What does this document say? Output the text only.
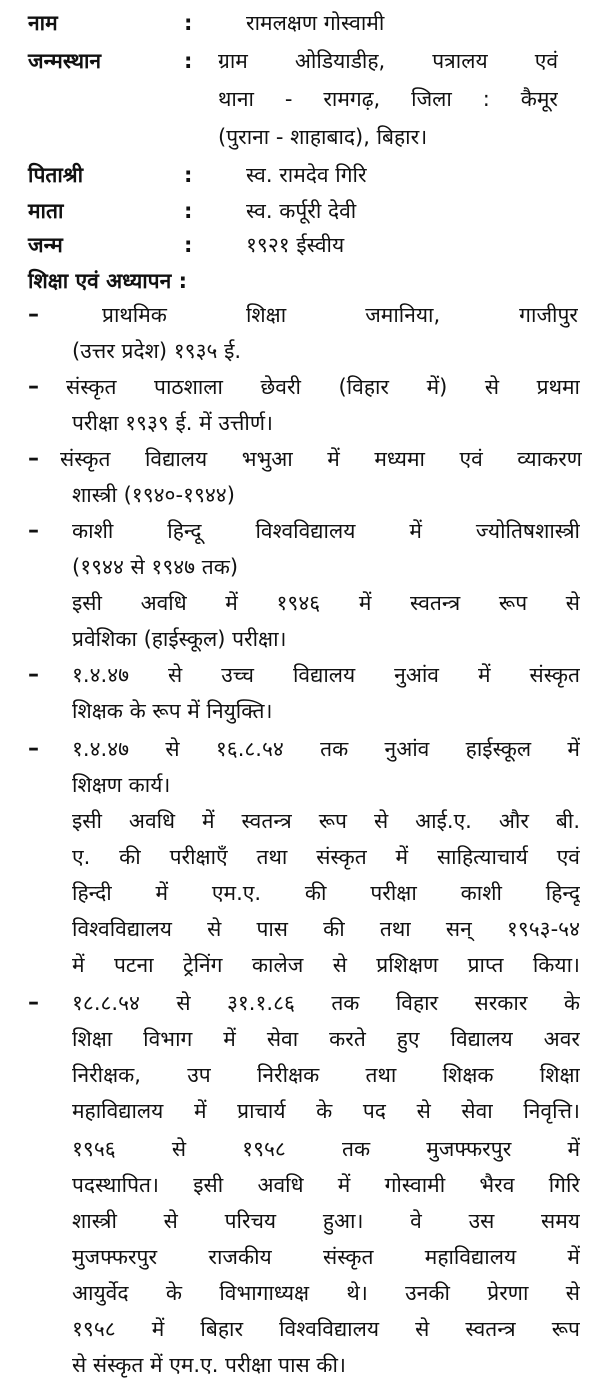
नाम	:	रामलक्षण गोस्वामी
जन्मस्थान	: ग्राम ओडियाडीह, पत्रालय एवं
थाना - रामगढ़, जिला : कैमूर
(पुराना - शाहाबाद), बिहार।
पिताश्री	:	स्व. रामदेव गिरि
माता	:	स्व. कर्पूरी देवी
जन्म	:	१९२१ ईस्वीय
शिक्षा एवं अध्यापन :
–	प्राथमिक शिक्षा जमानिया, गाजीपुर
(उत्तर प्रदेश) १९३५ ई.
– संस्कृत पाठशाला छेवरी (विहार में) से प्रथमा
परीक्षा १९३९ ई. में उत्तीर्ण।
– संस्कृत विद्यालय भभुआ में मध्यमा एवं व्याकरण
शास्त्री (१९४०-१९४४)
– काशी हिन्दू विश्वविद्यालय में ज्योतिषशास्त्री
(१९४४ से १९४७ तक)
इसी अवधि में १९४६ में स्वतन्त्र रूप से
प्रवेशिका (हाईस्कूल) परीक्षा।
– १.४.४७ से उच्च विद्यालय नुआंव में संस्कृत
शिक्षक के रूप में नियुक्ति।
– १.४.४७ से १६.८.५४ तक नुआंव हाईस्कूल में
शिक्षण कार्य।
इसी अवधि में स्वतन्त्र रूप से आई.ए. और बी.
ए. की परीक्षाएँ तथा संस्कृत में साहित्याचार्य एवं
हिन्दी में एम.ए. की परीक्षा काशी हिन्दू
विश्वविद्यालय से पास की तथा सन् १९५३-५४
में पटना ट्रेनिंग कालेज से प्रशिक्षण प्राप्त किया।
– १८.८.५४ से ३१.१.८६ तक विहार सरकार के
शिक्षा विभाग में सेवा करते हुए विद्यालय अवर
निरीक्षक, उप निरीक्षक तथा शिक्षक शिक्षा
महाविद्यालय में प्राचार्य के पद से सेवा निवृत्ति।
१९५६ से १९५८ तक मुजफ्फरपुर में
पदस्थापित। इसी अवधि में गोस्वामी भैरव गिरि
शास्त्री से परिचय हुआ। वे उस समय
मुजफ्फरपुर राजकीय संस्कृत महाविद्यालय में
आयुर्वेद के विभागाध्यक्ष थे। उनकी प्रेरणा से
१९५८ में बिहार विश्वविद्यालय से स्वतन्त्र रूप
से संस्कृत में एम.ए. परीक्षा पास की।
